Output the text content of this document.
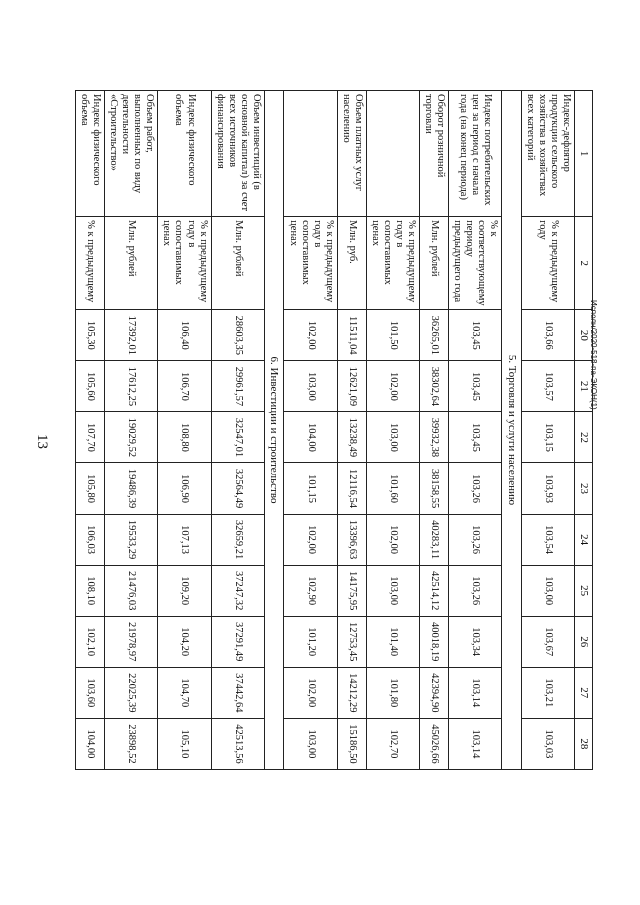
13
Исполн/2020-518-па-ЭКОН(1)
1	2	20	21	22	23	24	25	26	27	28
Индекс-дефлятор продукции сельского хозяйства в хозяйствах всех категорий	% к предыдущему году	103,66	103,57	103,15	103,93	103,54	103,00	103,67	103,21	103,03
5. Торговля и услуги населению										
Индекс потребительских цен за период с начала года (на конец периода)	% к соответствующему периоду предыдущего года	103,45	103,45	103,45	103,26	103,26	103,26	103,34	103,14	103,14
Оборот розничной торговли	Млн. рублей	36265,01	38302,64	39932,38	38158,55	40283,11	42514,12	40018,19	42394,90	45026,66
	% к предыдущему году в сопоставимых ценах	101,50	102,00	103,00	101,60	102,00	103,00	101,40	101,80	102,70
Объем платных услуг населению	Млн. руб.	11511,04	12621,09	13238,49	12116,54	13396,63	14175,95	12753,45	14212,29	15186,50
	% к предыдущему году в сопоставимых ценах	102,00	103,00	104,00	101,15	102,00	102,90	101,20	102,00	103,00
6. Инвестиции и строительство										
Объем инвестиций (в основной капитал) за счет всех источников финансирования	Млн. рублей	28603,35	29961,57	32547,01	32564,49	32659,21	37247,32	37291,49	37442,64	42513,56
Индекс физического объема	% к предыдущему году в сопоставимых ценах	106,40	106,70	108,80	106,90	107,13	109,20	104,20	104,70	105,10
Объем работ, выполненных по виду деятельности «Строительство»	Млн. рублей	17392,01	17612,25	19029,52	19486,39	19533,29	21476,03	21978,97	22025,39	23898,52
Индекс физического объема	% к предыдущему	105,30	105,60	107,70	105,80	106,03	108,10	102,10	103,60	104,00
